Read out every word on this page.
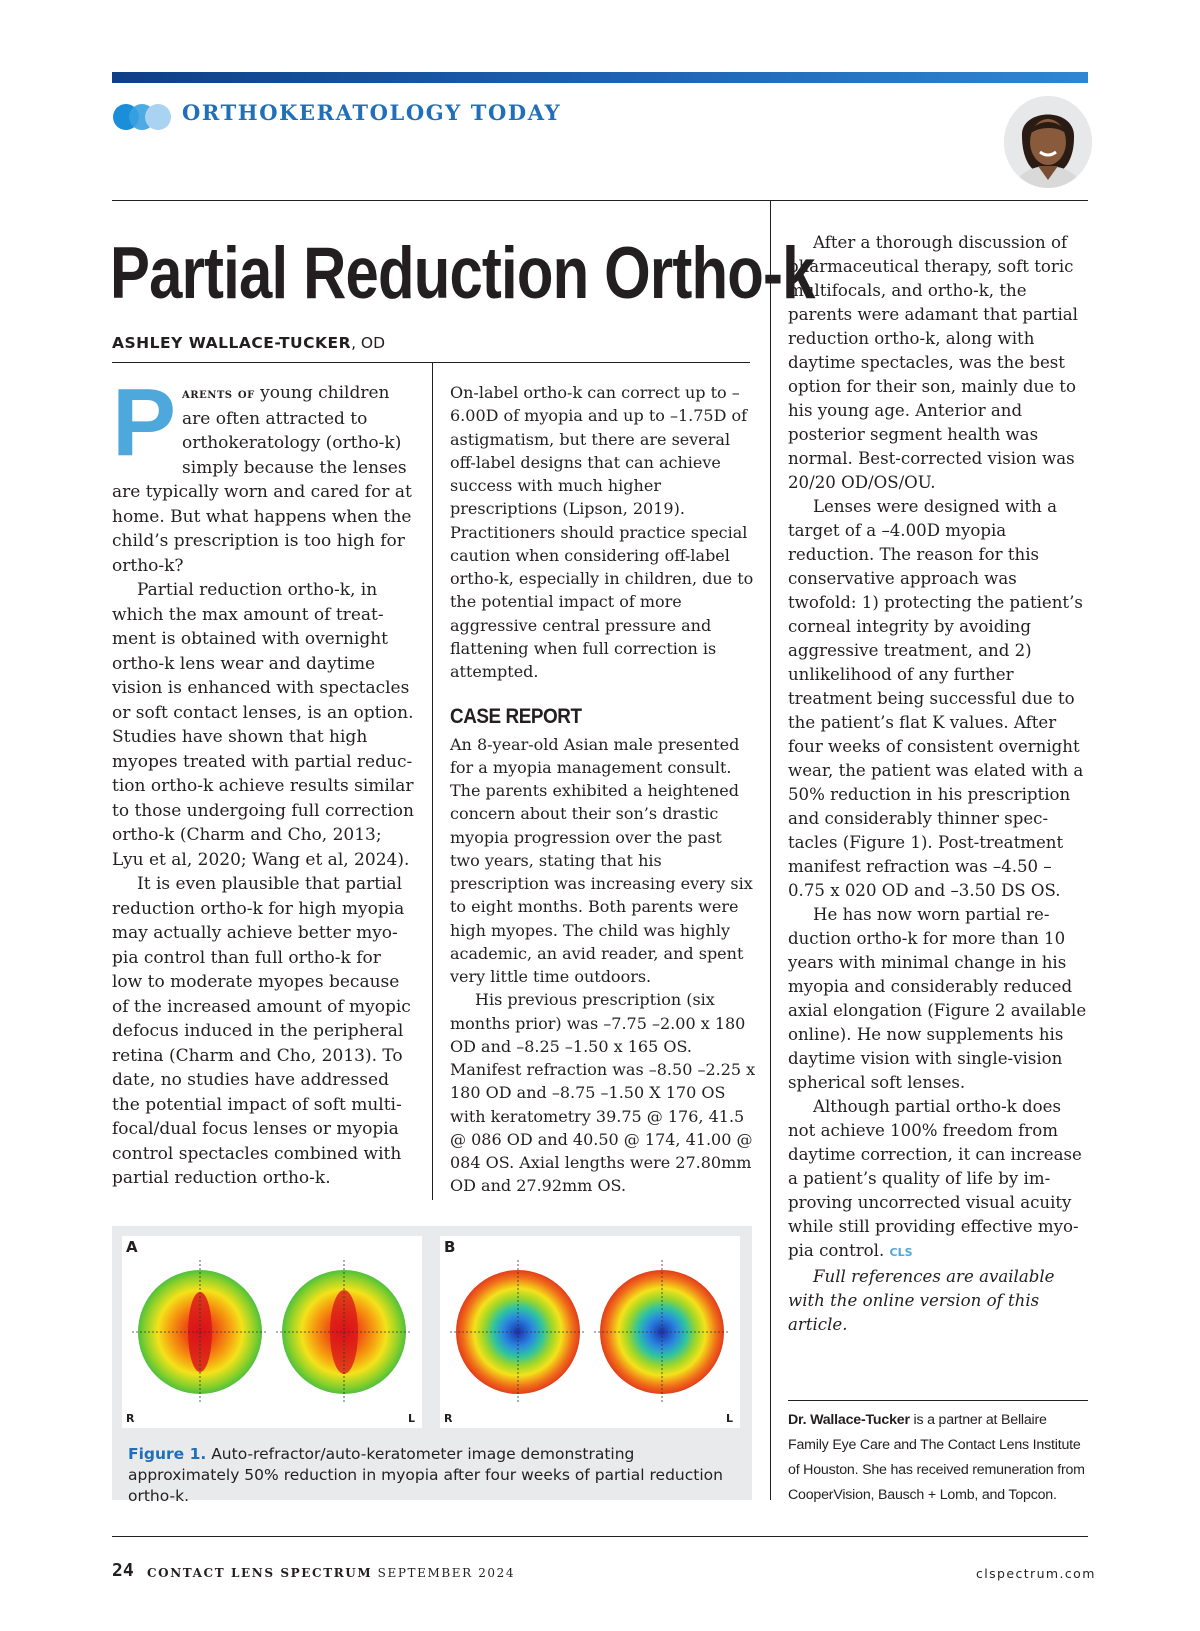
ORTHOKERATOLOGY TODAY
Partial Reduction Ortho-k
ASHLEY WALLACE-TUCKER, OD

Parents of young children are often attracted to orthokeratology (ortho-k) simply because the lenses are typically worn and cared for at home. But what happens when the child’s prescription is too high for ortho-k?

Partial reduction ortho-k, in which the max amount of treatment is obtained with overnight ortho-k lens wear and daytime vision is enhanced with spectacles or soft contact lenses, is an option. Studies have shown that high myopes treated with partial reduction ortho-k achieve results similar to those undergoing full correction ortho-k (Charm and Cho, 2013; Lyu et al, 2020; Wang et al, 2024).

It is even plausible that partial reduction ortho-k for high myopia may actually achieve better myopia control than full ortho-k for low to moderate myopes because of the increased amount of myopic defocus induced in the peripheral retina (Charm and Cho, 2013). To date, no studies have addressed the potential impact of soft multifocal/dual focus lenses or myopia control spectacles combined with partial reduction ortho-k.

On-label ortho-k can correct up to –6.00D of myopia and up to –1.75D of astigmatism, but there are several off-label designs that can achieve success with much higher prescriptions (Lipson, 2019). Practitioners should practice special caution when considering off-label ortho-k, especially in children, due to the potential impact of more aggressive central pressure and flattening when full correction is attempted.

CASE REPORT

An 8-year-old Asian male presented for a myopia management consult. The parents exhibited a heightened concern about their son’s drastic myopia progression over the past two years, stating that his prescription was increasing every six to eight months. Both parents were high myopes. The child was highly academic, an avid reader, and spent very little time outdoors.

His previous prescription (six months prior) was –7.75 –2.00 x 180 OD and –8.25 –1.50 x 165 OS. Manifest refraction was –8.50 –2.25 x 180 OD and –8.75 –1.50 X 170 OS with keratometry 39.75 @ 176, 41.5 @ 086 OD and 40.50 @ 174, 41.00 @ 084 OS. Axial lengths were 27.80mm OD and 27.92mm OS.

After a thorough discussion of pharmaceutical therapy, soft toric multifocals, and ortho-k, the parents were adamant that partial reduction ortho-k, along with daytime spectacles, was the best option for their son, mainly due to his young age. Anterior and posterior segment health was normal. Best-corrected vision was 20/20 OD/OS/OU.

Lenses were designed with a target of a –4.00D myopia reduction. The reason for this conservative approach was twofold: 1) protecting the patient’s corneal integrity by avoiding aggressive treatment, and 2) unlikelihood of any further treatment being successful due to the patient’s flat K values. After four weeks of consistent overnight wear, the patient was elated with a 50% reduction in his prescription and considerably thinner spectacles (Figure 1). Post-treatment manifest refraction was –4.50 –0.75 x 020 OD and –3.50 DS OS.

He has now worn partial reduction ortho-k for more than 10 years with minimal change in his myopia and considerably reduced axial elongation (Figure 2 available online). He now supplements his daytime vision with single-vision spherical soft lenses.

Although partial ortho-k does not achieve 100% freedom from daytime correction, it can increase a patient’s quality of life by improving uncorrected visual acuity while still providing effective myopia control. CLS

Full references are available with the online version of this article.

Dr. Wallace-Tucker is a partner at Bellaire Family Eye Care and The Contact Lens Institute of Houston. She has received remuneration from CooperVision, Bausch + Lomb, and Topcon.
A
R	L
B
R	L
Figure 1. Auto-refractor/auto-keratometer image demonstrating approximately 50% reduction in myopia after four weeks of partial reduction ortho-k.
24 CONTACT LENS SPECTRUM SEPTEMBER 2024	clspectrum.com
